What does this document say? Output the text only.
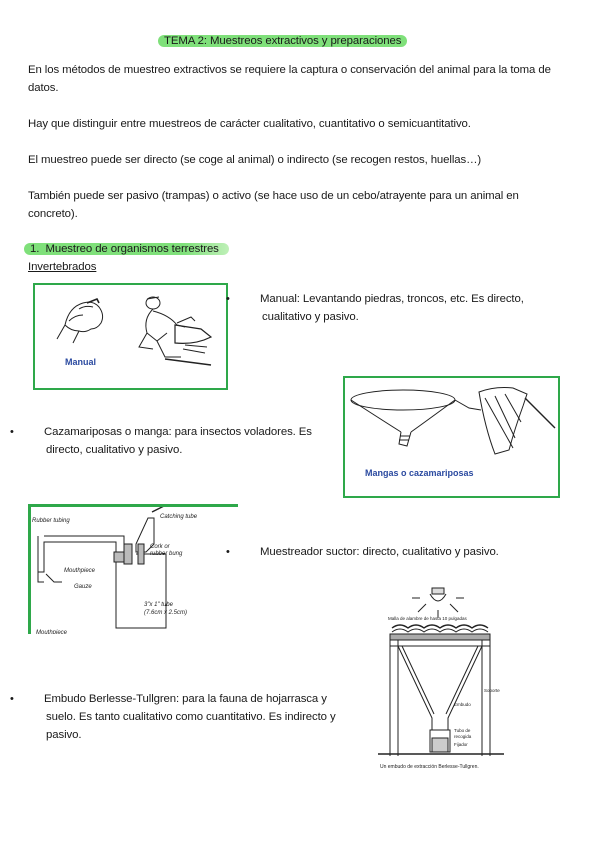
TEMA 2: Muestreos extractivos y preparaciones
En los métodos de muestreo extractivos se requiere la captura o conservación del animal para la toma de datos.
Hay que distinguir entre muestreos de carácter cualitativo, cuantitativo o semicuantitativo.
El muestreo puede ser directo (se coge al animal) o indirecto (se recogen restos, huellas…)
También puede ser pasivo (trampas) o activo (se hace uso de un cebo/atrayente para un animal en concreto).
1. Muestreo de organismos terrestres
Invertebrados
Manual
•	Manual: Levantando piedras, troncos, etc. Es directo, cualitativo y pasivo.
Mangas o cazamariposas
•	Cazamariposas o manga: para insectos voladores. Es directo, cualitativo y pasivo.
Rubber tubing
Catching tube
Cork or
rubber bung
Mouthpiece
Gauze
3"x 1" tube
(7.6cm x 2.5cm)
Mouthpiece
•	Muestreador suctor: directo, cualitativo y pasivo.
Malla de alambre de hasta 10 pulgadas
Soporte
Embudo
Tubo de
recogida
Fijador
Un embudo de extracción Berlesse-Tullgren.
•	Embudo Berlesse-Tullgren: para la fauna de hojarrasca y suelo. Es tanto cualitativo como cuantitativo. Es indirecto y pasivo.
